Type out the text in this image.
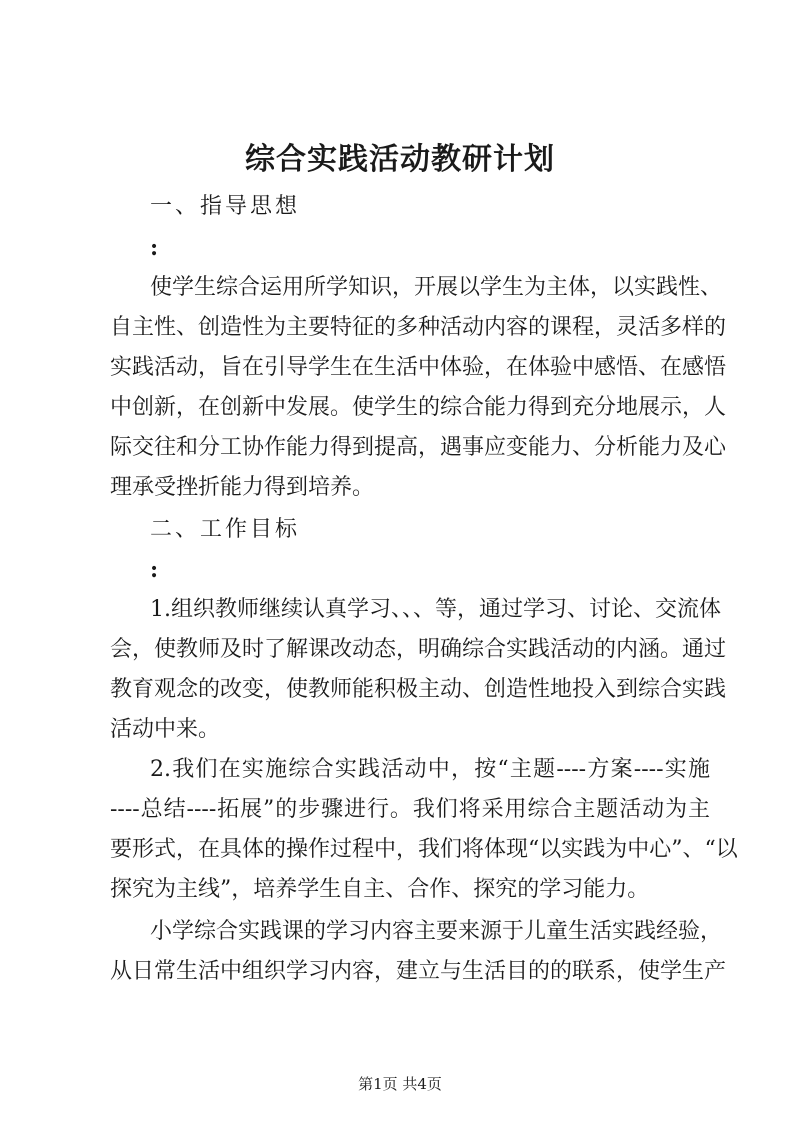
综合实践活动教研计划
一、指导思想
:
使学生综合运用所学知识，开展以学生为主体，以实践性、
自主性、创造性为主要特征的多种活动内容的课程，灵活多样的
实践活动，旨在引导学生在生活中体验，在体验中感悟、在感悟
中创新，在创新中发展。使学生的综合能力得到充分地展示，人
际交往和分工协作能力得到提高，遇事应变能力、分析能力及心
理承受挫折能力得到培养。
二、工作目标
:
1.组织教师继续认真学习、、、等，通过学习、讨论、交流体
会，使教师及时了解课改动态，明确综合实践活动的内涵。通过
教育观念的改变，使教师能积极主动、创造性地投入到综合实践
活动中来。
2.我们在实施综合实践活动中，按“主题----方案----实施
----总结----拓展”的步骤进行。我们将采用综合主题活动为主
要形式，在具体的操作过程中，我们将体现“以实践为中心”、“以
探究为主线”，培养学生自主、合作、探究的学习能力。
小学综合实践课的学习内容主要来源于儿童生活实践经验，
从日常生活中组织学习内容，建立与生活目的的联系，使学生产
第1页 共4页
